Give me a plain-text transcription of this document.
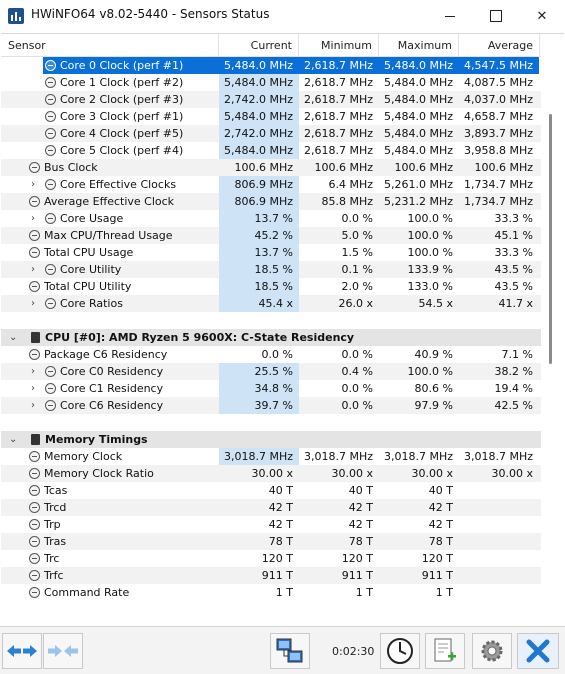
HWiNFO64 v8.02-5440 - Sensors Status
✕
Sensor	Current	Minimum	Maximum	Average
Core 0 Clock (perf #1)	5,484.0 MHz 2,618.7 MHz 5,484.0 MHz 4,547.5 MHz
Core 1 Clock (perf #2)	5,484.0 MHz 2,618.7 MHz 5,484.0 MHz 4,087.5 MHz
Core 2 Clock (perf #3)	2,742.0 MHz 2,618.7 MHz 5,484.0 MHz 4,037.0 MHz
Core 3 Clock (perf #1)	5,484.0 MHz 2,618.7 MHz 5,484.0 MHz 4,658.7 MHz
Core 4 Clock (perf #5)	2,742.0 MHz 2,618.7 MHz 5,484.0 MHz 3,893.7 MHz
Core 5 Clock (perf #4)	5,484.0 MHz 2,618.7 MHz 5,484.0 MHz 3,958.8 MHz
Bus Clock	100.6 MHz	100.6 MHz	100.6 MHz	100.6 MHz
› Core Effective Clocks	806.9 MHz	6.4 MHz 5,261.0 MHz 1,734.7 MHz
Average Effective Clock	806.9 MHz	85.8 MHz 5,231.2 MHz 1,734.7 MHz
› Core Usage	13.7 %	0.0 %	100.0 %	33.3 %
Max CPU/Thread Usage	45.2 %	5.0 %	100.0 %	45.1 %
Total CPU Usage	13.7 %	1.5 %	100.0 %	33.3 %
› Core Utility	18.5 %	0.1 %	133.9 %	43.5 %
Total CPU Utility	18.5 %	2.0 %	133.0 %	43.5 %
› Core Ratios	45.4 x	26.0 x	54.5 x	41.7 x
⌄	CPU [#0]: AMD Ryzen 5 9600X: C-State Residency
Package C6 Residency	0.0 %	0.0 %	40.9 %	7.1 %
› Core C0 Residency	25.5 %	0.4 %	100.0 %	38.2 %
› Core C1 Residency	34.8 %	0.0 %	80.6 %	19.4 %
› Core C6 Residency	39.7 %	0.0 %	97.9 %	42.5 %
⌄	Memory Timings
Memory Clock	3,018.7 MHz 3,018.7 MHz 3,018.7 MHz 3,018.7 MHz
Memory Clock Ratio	30.00 x	30.00 x	30.00 x	30.00 x
Tcas	40 T	40 T	40 T
Trcd	42 T	42 T	42 T
Trp	42 T	42 T	42 T
Tras	78 T	78 T	78 T
Trc	120 T	120 T	120 T
Trfc	911 T	911 T	911 T
Command Rate	1 T	1 T	1 T
0:02:30
